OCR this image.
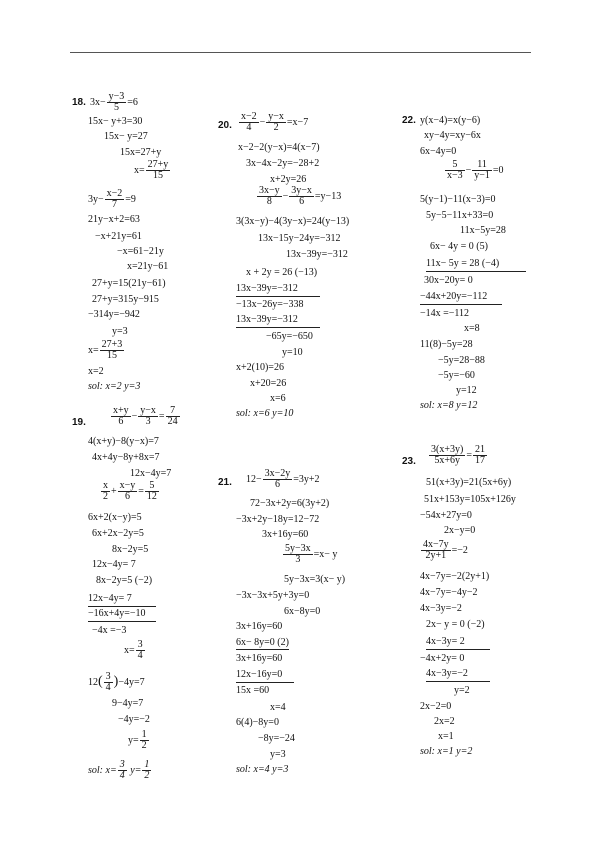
18. $3x- \frac{y-3}{5} =6$
15x− y+3=30
15x− y=27
15x=27+y
$x= \frac{27+y}{15}$
$3y- \frac{x-2}{7} =9$
21y−x+2=63
−x+21y=61
−x=61−21y
x=21y−61
27+y=15(21y−61)
27+y=315y−915
−314y=−942
y=3
$x= \frac{27+3}{15}$
x=2
sol: x=2 y=3
19.	$\frac{x+y}{6} - \frac{y-x}{3} = \frac{7}{24}$
4(x+y)−8(y−x)=7
4x+4y−8y+8x=7
12x−4y=7
$\frac{x}{2} + \frac{x-y}{6} = \frac{5}{12}$
6x+2(x−y)=5
6x+2x−2y=5
8x−2y=5
12x−4y= 7
8x−2y=5 (−2)
12x−4y= 7
−16x+4y=−10
−4x =−3
$x= \frac{3}{4}$
$12( \frac{3}{4} )-4y=7$
9−4y=7
−4y=−2
$y= \frac{1}{2}$
sol: $x= \frac{3}{4} y= \frac{1}{2}$
20. $\frac{x-2}{4} - \frac{y-x}{2} =x-7$
x−2−2(y−x)=4(x−7)
3x−4x−2y=−28+2
x+2y=26
$\frac{3x-y}{8} - \frac{3y-x}{6} =y-13$
3(3x−y)−4(3y−x)=24(y−13)
13x−15y−24y=−312
13x−39y=−312
x + 2y = 26 (−13)
13x−39y=−312
−13x−26y=−338
13x−39y=−312
−65y=−650
y=10
x+2(10)=26
x+20=26
x=6
sol: x=6 y=10
21. $12- \frac{3x-2y}{6} =3y+2$
72−3x+2y=6(3y+2)
−3x+2y−18y=12−72
3x+16y=60
$\frac{5y-3x}{3} =x- y$
5y−3x=3(x− y)
−3x−3x+5y+3y=0
6x−8y=0
3x+16y=60
6x− 8y=0 (2)
3x+16y=60
12x−16y=0
15x =60
x=4
6(4)−8y=0
−8y=−24
y=3
sol: x=4 y=3
22. y(x−4)=x(y−6)
xy−4y=xy−6x
6x−4y=0
$\frac{5}{x-3} - \frac{11}{y-1} =0$
5(y−1)−11(x−3)=0
5y−5−11x+33=0
11x−5y=28
6x− 4y = 0 (5)
11x− 5y = 28 (−4)
30x−20y= 0
−44x+20y=−112
−14x =−112
x=8
11(8)−5y=28
−5y=28−88
−5y=−60
y=12
sol: x=8 y=12
23. $\frac{3(x+3y)}{5x+6y} = \frac{21}{17}$
51(x+3y)=21(5x+6y)
51x+153y=105x+126y
−54x+27y=0
2x−y=0
$\frac{4x-7y}{2y+1} =-2$
4x−7y=−2(2y+1)
4x−7y=−4y−2
4x−3y=−2
2x− y = 0 (−2)
4x−3y= 2
−4x+2y= 0
4x−3y=−2
y=2
2x−2=0
2x=2
x=1
sol: x=1 y=2
